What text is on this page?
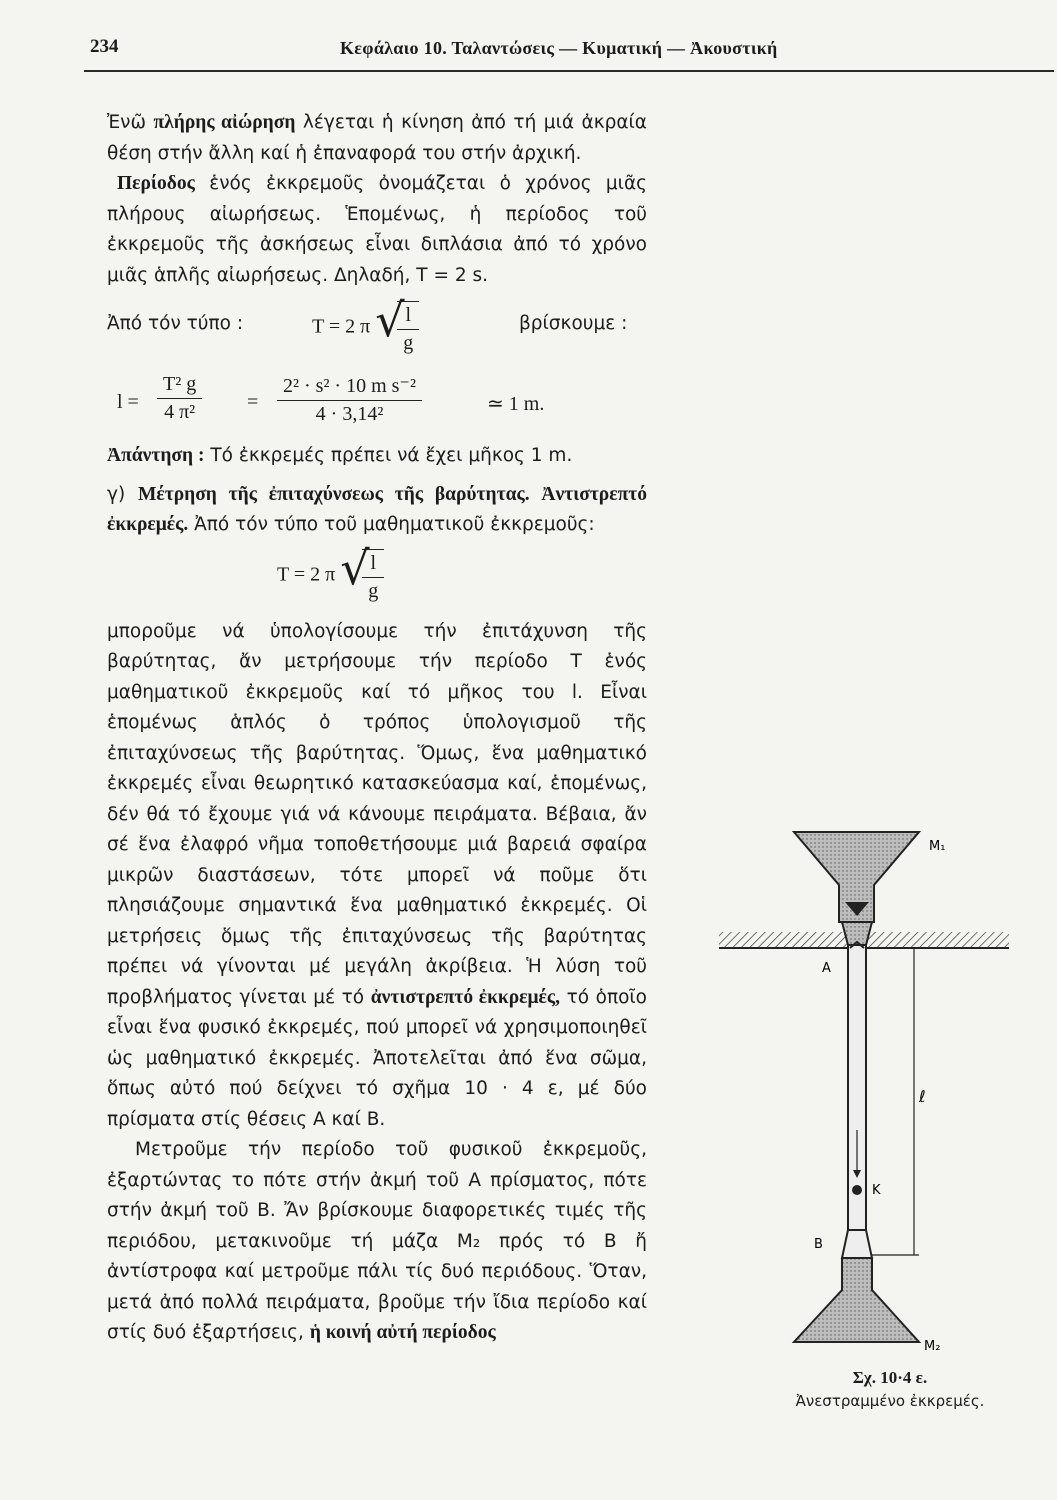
234	Κεφάλαιο 10. Ταλαντώσεις — Κυματική — Ἀκουστική

Ἐνῶ πλήρης αἰώρηση λέγεται ἡ κίνηση ἀπό τή μιά ἀκραία θέση στήν ἄλλη καί ἡ ἐπαναφορά του στήν ἀρχική.

Περίοδος ἑνός ἐκκρεμοῦς ὀνομάζεται ὁ χρόνος μιᾶς πλήρους αἰωρήσεως. Ἑπομένως, ἡ περίοδος τοῦ ἐκκρεμοῦς τῆς ἀσκήσεως εἶναι διπλάσια ἀπό τό χρόνο μιᾶς ἁπλῆς αἰωρήσεως. Δηλαδή, T = 2 s.

Ἀπό τόν τύπο :	T = 2 π √
$\frac{l}{g}$	βρίσκουμε :
$l = \frac{\text{T² g}}{\text{4 π²}} = \frac{\text{2² · s² · 10 m s⁻²}}{\text{4 · 3,14²}}$	≃ 1 m.

Ἀπάντηση : Τό ἐκκρεμές πρέπει νά ἔχει μῆκος 1 m.

γ) Μέτρηση τῆς ἐπιταχύνσεως τῆς βαρύτητας. Ἀντιστρεπτό ἐκκρεμές. Ἀπό τόν τύπο τοῦ μαθηματικοῦ ἐκκρεμοῦς:

T = 2 π √
$\frac{l}{g}$

μποροῦμε νά ὑπολογίσουμε τήν ἐπιτάχυνση τῆς βαρύτητας, ἄν μετρήσουμε τήν περίοδο T ἑνός μαθηματικοῦ ἐκκρεμοῦς καί τό μῆκος του l. Εἶναι ἑπομένως ἁπλός ὁ τρόπος ὑπολογισμοῦ τῆς ἐπιταχύνσεως τῆς βαρύτητας. Ὅμως, ἕνα μαθηματικό ἐκκρεμές εἶναι θεωρητικό κατασκεύασμα καί, ἑπομένως, δέν θά τό ἔχουμε γιά νά κάνουμε πειράματα. Βέβαια, ἄν σέ ἕνα ἐλαφρό νῆμα τοποθετήσουμε μιά βαρειά σφαίρα μικρῶν διαστάσεων, τότε μπορεῖ νά ποῦμε ὅτι πλησιάζουμε σημαντικά ἕνα μαθηματικό ἐκκρεμές. Οἱ μετρήσεις ὅμως τῆς ἐπιταχύνσεως τῆς βαρύτητας πρέπει νά γίνονται μέ μεγάλη ἀκρίβεια. Ἡ λύση τοῦ προβλήματος γίνεται μέ τό ἀντιστρεπτό ἐκκρεμές, τό ὁποῖο εἶναι ἕνα φυσικό ἐκκρεμές, πού μπορεῖ νά χρησιμοποιηθεῖ ὡς μαθηματικό ἐκκρεμές. Ἀποτελεῖται ἀπό ἕνα σῶμα, ὅπως αὐτό πού δείχνει τό σχῆμα 10 · 4 ε, μέ δύο πρίσματα στίς θέσεις A καί B.

Μετροῦμε τήν περίοδο τοῦ φυσικοῦ ἐκκρεμοῦς, ἐξαρτώντας το πότε στήν ἀκμή τοῦ A πρίσματος, πότε στήν ἀκμή τοῦ B. Ἄν βρίσκουμε διαφορετικές τιμές τῆς περιόδου, μετακινοῦμε τή μάζα M₂ πρός τό B ἤ ἀντίστροφα καί μετροῦμε πάλι τίς δυό περιόδους. Ὅταν, μετά ἀπό πολλά πειράματα, βροῦμε τήν ἴδια περίοδο καί στίς δυό ἐξαρτήσεις, ἡ κοινή αὐτή περίοδος

M₁
A
ℓ
K
B
M₂
Σχ. 10·4 ε.
Ἀνεστραμμένο ἐκκρεμές.
